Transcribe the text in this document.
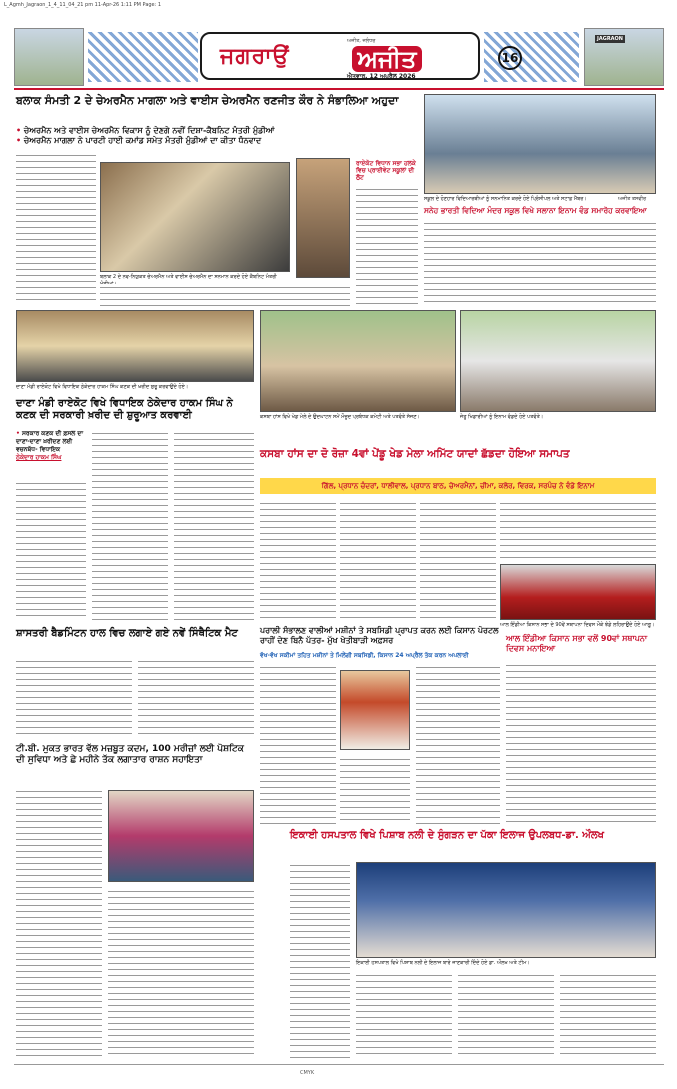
L_Agmh_Jagraon_1_4_11_04_21 pm 11-Apr-26 1:11 PM Page: 1
ਜਗਰਾਉਂ
ਅਜੀਤ, ਜਲੰਧਰ
ਅਜੀਤ
ਐਤਵਾਰ, 12 ਅਪ੍ਰੈਲ 2026
16
JAGRAON
ਬਲਾਕ ਸੰਮਤੀ 2 ਦੇ ਚੇਅਰਮੈਨ ਮਾਗਲਾ ਅਤੇ ਵਾਈਸ ਚੇਅਰਮੈਨ ਰਣਜੀਤ ਕੌਰ ਨੇ ਸੰਭਾਲਿਆ ਅਹੁਦਾ
• ਚੇਅਰਮੈਨ ਅਤੇ ਵਾਈਸ ਚੇਅਰਮੈਨ ਵਿਕਾਸ ਨੂੰ ਦੇਣਗੇ ਨਵੀਂ ਦਿਸ਼ਾ-ਕੈਬਨਿਟ ਮੰਤਰੀ ਮੁੰਡੀਆਂ
• ਚੇਅਰਮੈਨ ਮਾਗਲਾ ਨੇ ਪਾਰਟੀ ਹਾਈ ਕਮਾਂਡ ਸਮੇਤ ਮੰਤਰੀ ਮੁੰਡੀਆਂ ਦਾ ਕੀਤਾ ਧੰਨਵਾਦ
ਬਲਾਕ 2 ਦੇ ਨਵ-ਨਿਯੁਕਤ ਚੇਅਰਮੈਨ ਅਤੇ ਵਾਈਸ ਚੇਅਰਮੈਨ ਦਾ ਸਨਮਾਨ ਕਰਦੇ ਹੋਏ ਕੈਬਨਿਟ ਮੰਤਰੀ
ਰਾਏਕੋਟ ਵਿਧਾਨ ਸਭਾ ਹਲਕੇ ਵਿਚ ਪ੍ਰਾਈਵੇਟ ਸਕੂਲਾਂ ਦੀ ਲੁੱਟ
ਸਕੂਲ ਦੇ ਹੋਣਹਾਰ ਵਿਦਿਆਰਥੀਆਂ ਨੂੰ ਸਨਮਾਨਿਤ ਕਰਦੇ ਹੋਏ ਪ੍ਰਿੰਸੀਪਲ ਅਤੇ ਸਟਾਫ਼ ਮੈਂਬਰ।	ਅਜੀਤ ਤਸਵੀਰ
ਸਨੇਹ ਭਾਰਤੀ ਵਿਦਿਆ ਮੰਦਰ ਸਕੂਲ ਵਿਖੇ ਸਲਾਨਾ ਇਨਾਮ ਵੰਡ ਸਮਾਰੋਹ ਕਰਵਾਇਆ
ਦਾਣਾ ਮੰਡੀ ਰਾਏਕੋਟ ਵਿਖੇ ਵਿਧਾਇਕ ਠੇਕੇਦਾਰ ਹਾਕਮ ਸਿੰਘ ਕਣਕ ਦੀ ਖ਼ਰੀਦ ਸ਼ੁਰੂ ਕਰਵਾਉਂਦੇ ਹੋਏ।
ਦਾਣਾ ਮੰਡੀ ਰਾਏਕੋਟ ਵਿਖੇ ਵਿਧਾਇਕ ਠੇਕੇਦਾਰ ਹਾਕਮ ਸਿੰਘ ਨੇ ਕਣਕ ਦੀ ਸਰਕਾਰੀ ਖ਼ਰੀਦ ਦੀ ਸ਼ੁਰੂਆਤ ਕਰਵਾਈ
• ਸਰਕਾਰ ਕਣਕ ਦੀ ਫ਼ਸਲ ਦਾ ਦਾਣਾ-ਦਾਣਾ ਖ਼ਰੀਦਣ ਲਈ ਵਚਨਬੱਧ- ਵਿਧਾਇਕ
ਠੇਕੇਦਾਰ ਹਾਕਮ ਸਿੰਘ
ਕਸਬਾ ਹਾਂਸ ਵਿਖੇ ਖੇਡ ਮੇਲੇ ਦੇ ਉਦਘਾਟਨ ਸਮੇਂ ਮੌਜੂਦ ਪ੍ਰਬੰਧਕ ਕਮੇਟੀ ਅਤੇ ਪਤਵੰਤੇ ਸੱਜਣ।	ਜੇਤੂ ਖਿਡਾਰੀਆਂ ਨੂੰ ਇਨਾਮ ਵੰਡਦੇ ਹੋਏ ਪਤਵੰਤੇ।
ਕਸਬਾ ਹਾਂਸ ਦਾ ਦੋ ਰੋਜ਼ਾ 4ਵਾਂ ਪੇਂਡੂ ਖੇਡ ਮੇਲਾ ਅਮਿੱਟ ਯਾਦਾਂ ਛੱਡਦਾ ਹੋਇਆ ਸਮਾਪਤ
ਗਿੱਲ, ਪ੍ਰਧਾਨ ਚੰਦਰਾਂ, ਧਾਲੀਵਾਲ, ਪ੍ਰਧਾਨ ਬਾਠ, ਚੇਅਰਮੈਨਾਂ, ਚੀਮਾ, ਕਲੇਰ, ਵਿਰਕ, ਸਰਪੰਚ ਨੇ ਵੰਡੇ ਇਨਾਮ
ਸ਼ਾਸਤਰੀ ਬੈਡਮਿੰਟਨ ਹਾਲ ਵਿਚ ਲਗਾਏ ਗਏ ਨਵੇਂ ਸਿੰਥੈਟਿਕ ਮੈਟ	ਪਰਾਲੀ ਸੰਭਾਲਣ ਵਾਲੀਆਂ ਮਸ਼ੀਨਾਂ ਤੇ ਸਬਸਿਡੀ ਪ੍ਰਾਪਤ ਕਰਨ ਲਈ ਕਿਸਾਨ ਪੋਰਟਲ ਰਾਹੀਂ ਦੇਣ ਬਿਨੈ ਪੱਤਰ- ਮੁੱਖ ਖੇਤੀਬਾੜੀ ਅਫ਼ਸਰ
ਵੱਖ-ਵੱਖ ਸਕੀਮਾਂ ਤਹਿਤ ਮਸ਼ੀਨਾਂ ਤੇ ਮਿਲੇਗੀ ਸਬਸਿਡੀ, ਕਿਸਾਨ 24 ਅਪ੍ਰੈਲ ਤੱਕ ਕਰਨ ਅਪਲਾਈ
ਆਲ ਇੰਡੀਆ ਕਿਸਾਨ ਸਭਾ ਦੇ 90ਵੇਂ ਸਥਾਪਨਾ ਦਿਵਸ ਮੌਕੇ ਝੰਡੇ ਲਹਿਰਾਉਂਦੇ ਹੋਏ ਆਗੂ।
ਆਲ ਇੰਡੀਆ ਕਿਸਾਨ ਸਭਾ ਵਲੋਂ 90ਵਾਂ ਸਥਾਪਨਾ ਦਿਵਸ ਮਨਾਇਆ
ਟੀ.ਬੀ. ਮੁਕਤ ਭਾਰਤ ਵੱਲ ਮਜ਼ਬੂਤ ਕਦਮ, 100 ਮਰੀਜ਼ਾਂ ਲਈ ਪੋਸ਼ਟਿਕ ਦੀ ਸੁਵਿਧਾ ਅਤੇ ਛੇ ਮਹੀਨੇ ਤੱਕ ਲਗਾਤਾਰ ਰਾਸ਼ਨ ਸਹਾਇਤਾ
ਇਕਾਈ ਹਸਪਤਾਲ ਵਿਖੇ ਪਿਸ਼ਾਬ ਨਲੀ ਦੇ ਸੁੰਗੜਨ ਦਾ ਪੱਕਾ ਇਲਾਜ ਉਪਲਬਧ-ਡਾ. ਔਲਖ
ਇਕਾਈ ਹਸਪਤਾਲ ਵਿਖੇ ਪਿਸ਼ਾਬ ਨਲੀ ਦੇ ਇਲਾਜ ਬਾਰੇ ਜਾਣਕਾਰੀ ਦਿੰਦੇ ਹੋਏ ਡਾ. ਔਲਖ ਅਤੇ ਟੀਮ।
CMYK
